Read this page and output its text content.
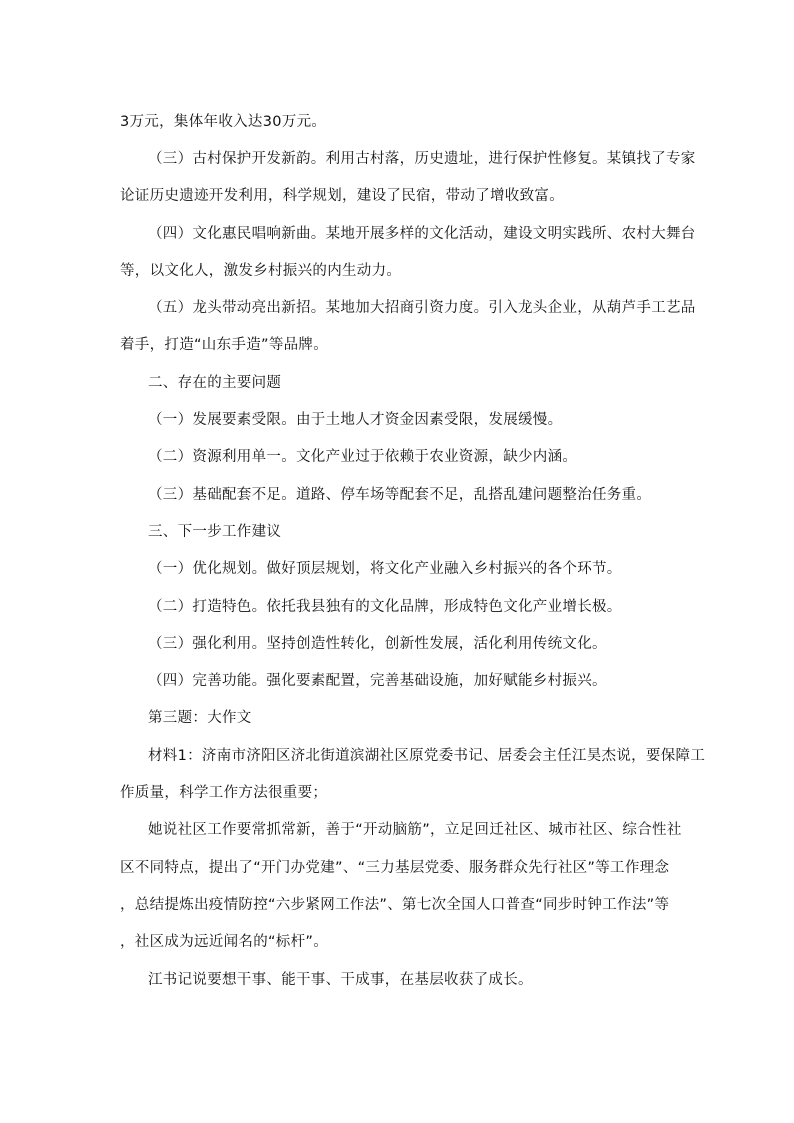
3万元，集体年收入达30万元。
（三）古村保护开发新韵。利用古村落，历史遗址，进行保护性修复。某镇找了专家
论证历史遗迹开发利用，科学规划，建设了民宿，带动了增收致富。
（四）文化惠民唱响新曲。某地开展多样的文化活动，建设文明实践所、农村大舞台
等，以文化人，激发乡村振兴的内生动力。
（五）龙头带动亮出新招。某地加大招商引资力度。引入龙头企业，从葫芦手工艺品
着手，打造“山东手造”等品牌。
二、存在的主要问题
（一）发展要素受限。由于土地人才资金因素受限，发展缓慢。
（二）资源利用单一。文化产业过于依赖于农业资源，缺少内涵。
（三）基础配套不足。道路、停车场等配套不足，乱搭乱建问题整治任务重。
三、下一步工作建议
（一）优化规划。做好顶层规划，将文化产业融入乡村振兴的各个环节。
（二）打造特色。依托我县独有的文化品牌，形成特色文化产业增长极。
（三）强化利用。坚持创造性转化，创新性发展，活化利用传统文化。
（四）完善功能。强化要素配置，完善基础设施，加好赋能乡村振兴。
第三题：大作文
材料1：济南市济阳区济北街道滨湖社区原党委书记、居委会主任江昊杰说，要保障工
作质量，科学工作方法很重要；
她说社区工作要常抓常新，善于“开动脑筋”，立足回迁社区、城市社区、综合性社
区不同特点，提出了“开门办党建”、“三力基层党委、服务群众先行社区”等工作理念
，总结提炼出疫情防控“六步紧网工作法”、第七次全国人口普查“同步时钟工作法”等
，社区成为远近闻名的“标杆”。
江书记说要想干事、能干事、干成事，在基层收获了成长。
